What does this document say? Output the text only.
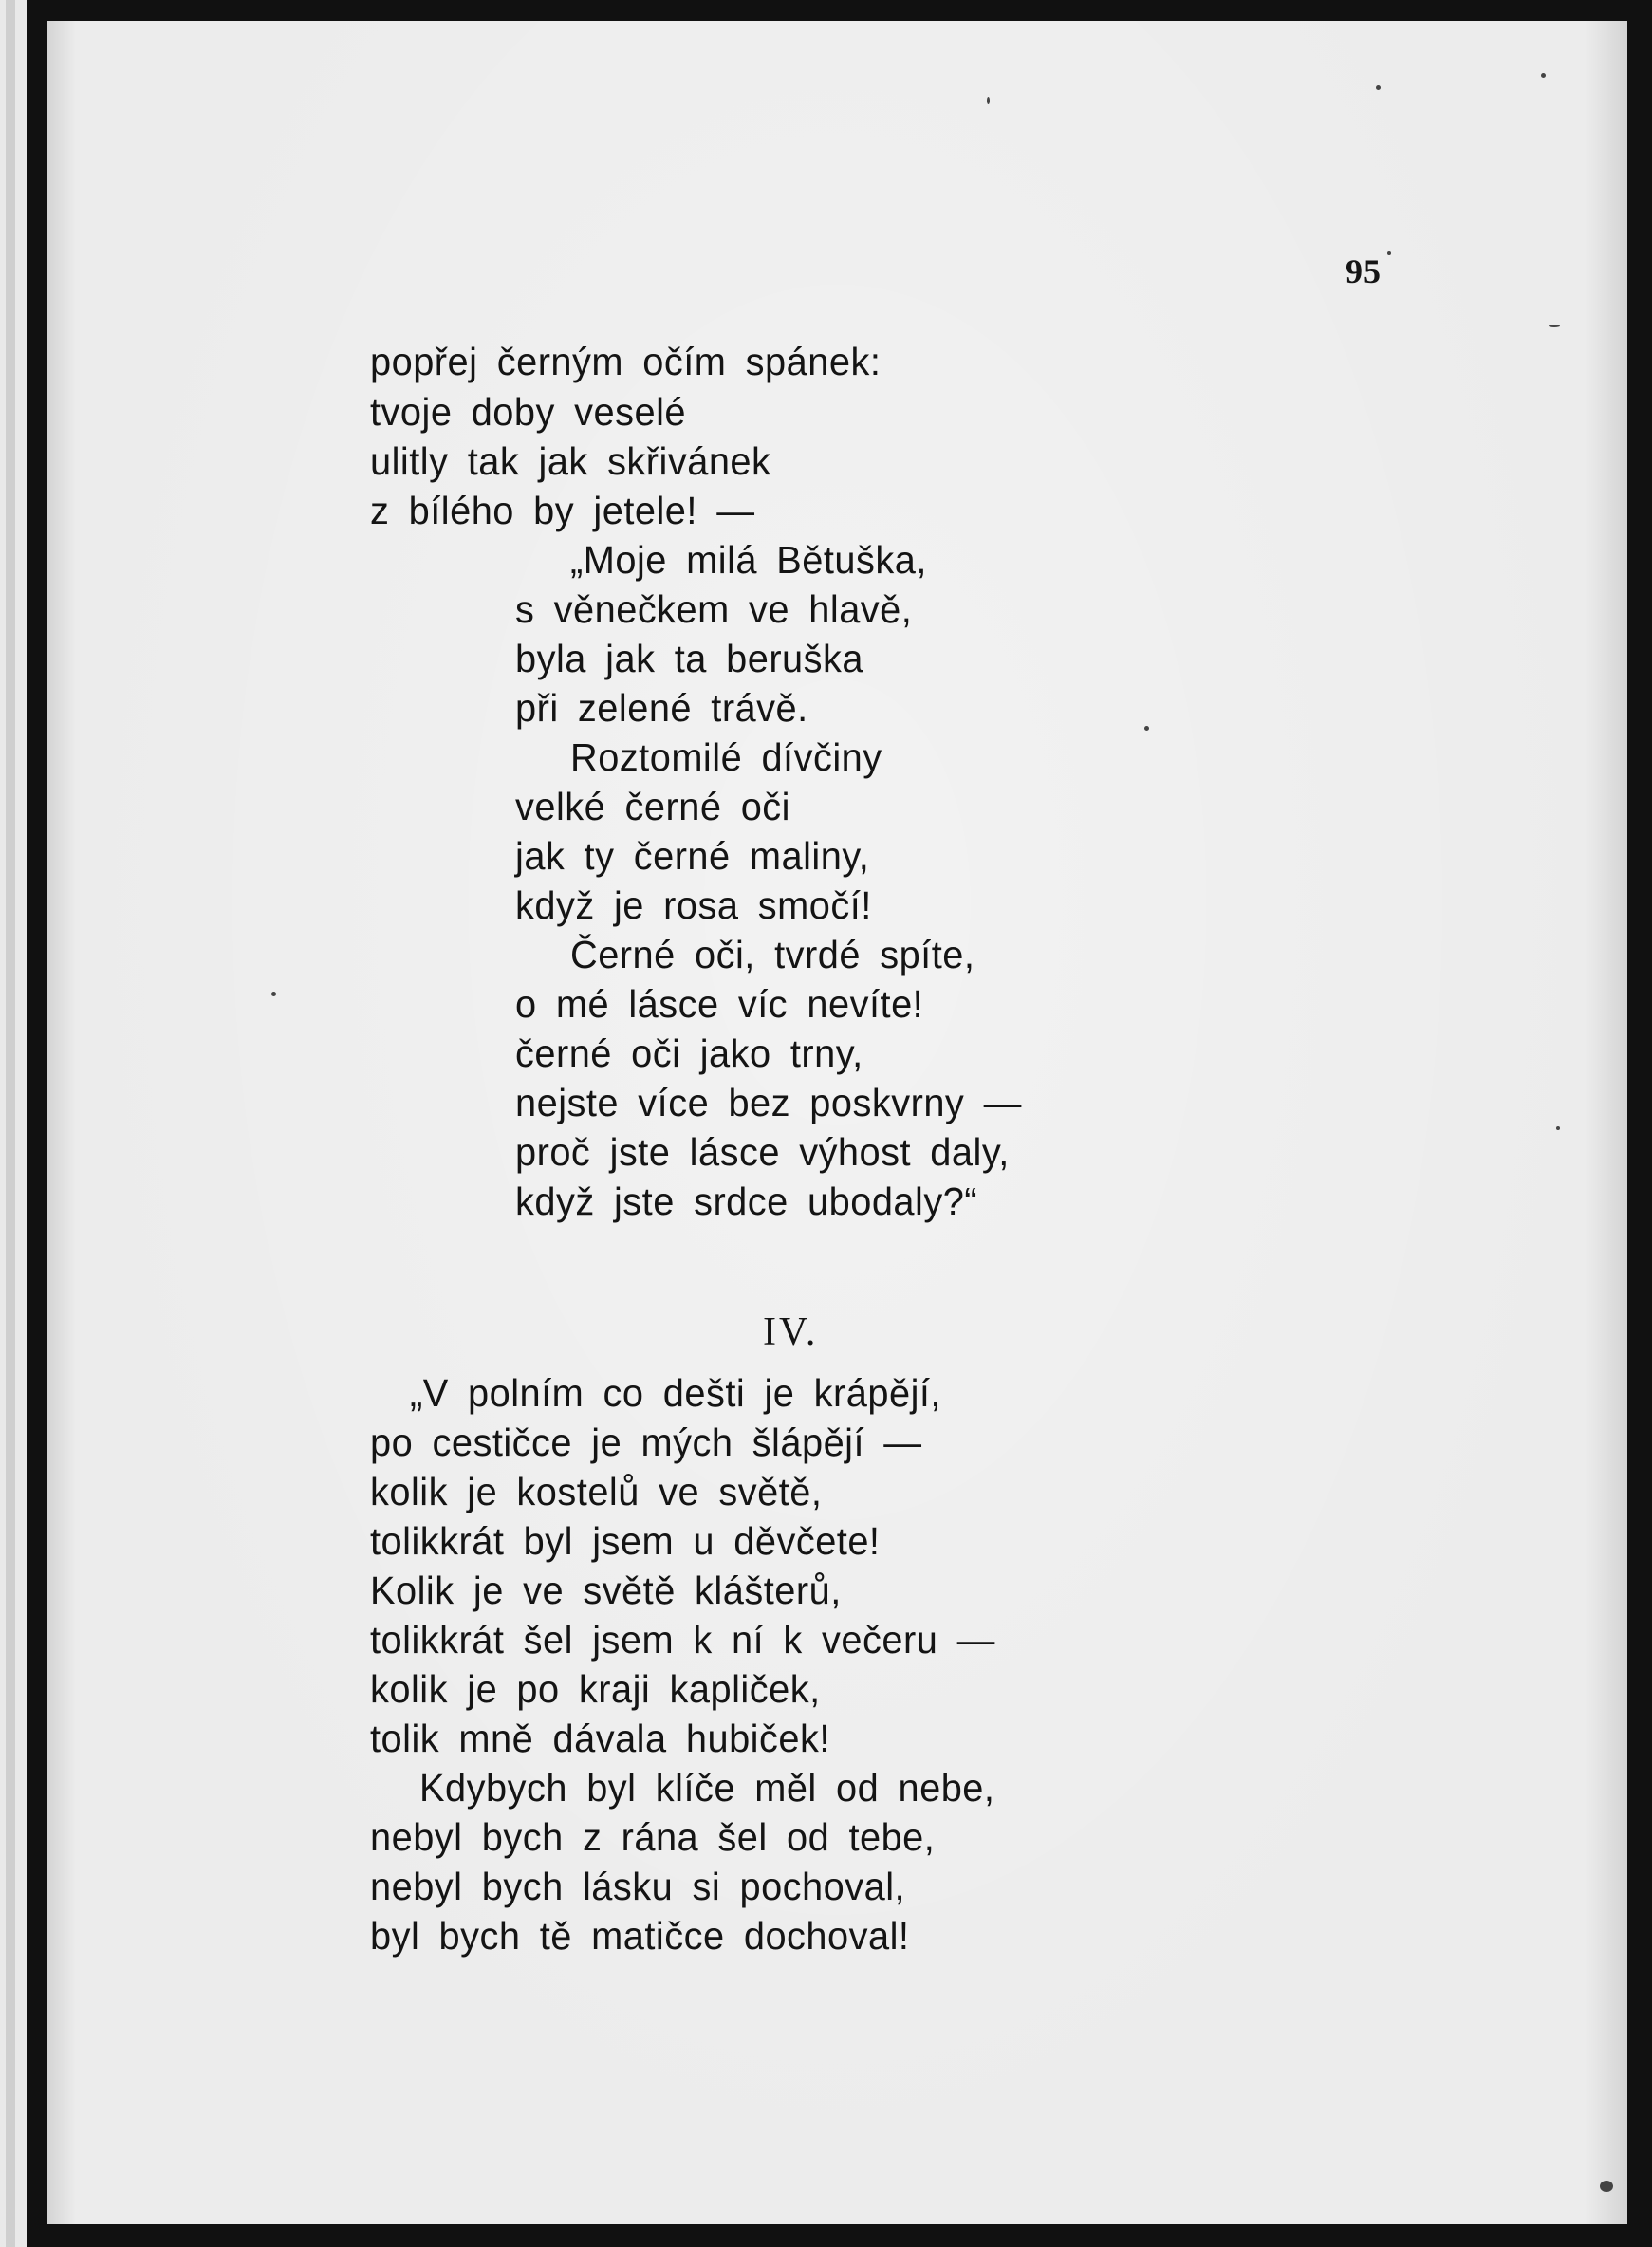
95
popřej černým očím spánek:
tvoje doby veselé
ulitly tak jak skřivánek
z bílého by jetele! —
„Moje milá Bětuška,
s věnečkem ve hlavě,
byla jak ta beruška
při zelené trávě.
Roztomilé dívčiny
velké černé oči
jak ty černé maliny,
když je rosa smočí!
Černé oči, tvrdé spíte,
o mé lásce víc nevíte!
černé oči jako trny,
nejste více bez poskvrny —
proč jste lásce výhost daly,
když jste srdce ubodaly?“
IV.
„V polním co dešti je krápějí,
po cestičce je mých šlápějí —
kolik je kostelů ve světě,
tolikkrát byl jsem u děvčete!
Kolik je ve světě klášterů,
tolikkrát šel jsem k ní k večeru —
kolik je po kraji kapliček,
tolik mně dávala hubiček!
Kdybych byl klíče měl od nebe,
nebyl bych z rána šel od tebe,
nebyl bych lásku si pochoval,
byl bych tě matičce dochoval!
